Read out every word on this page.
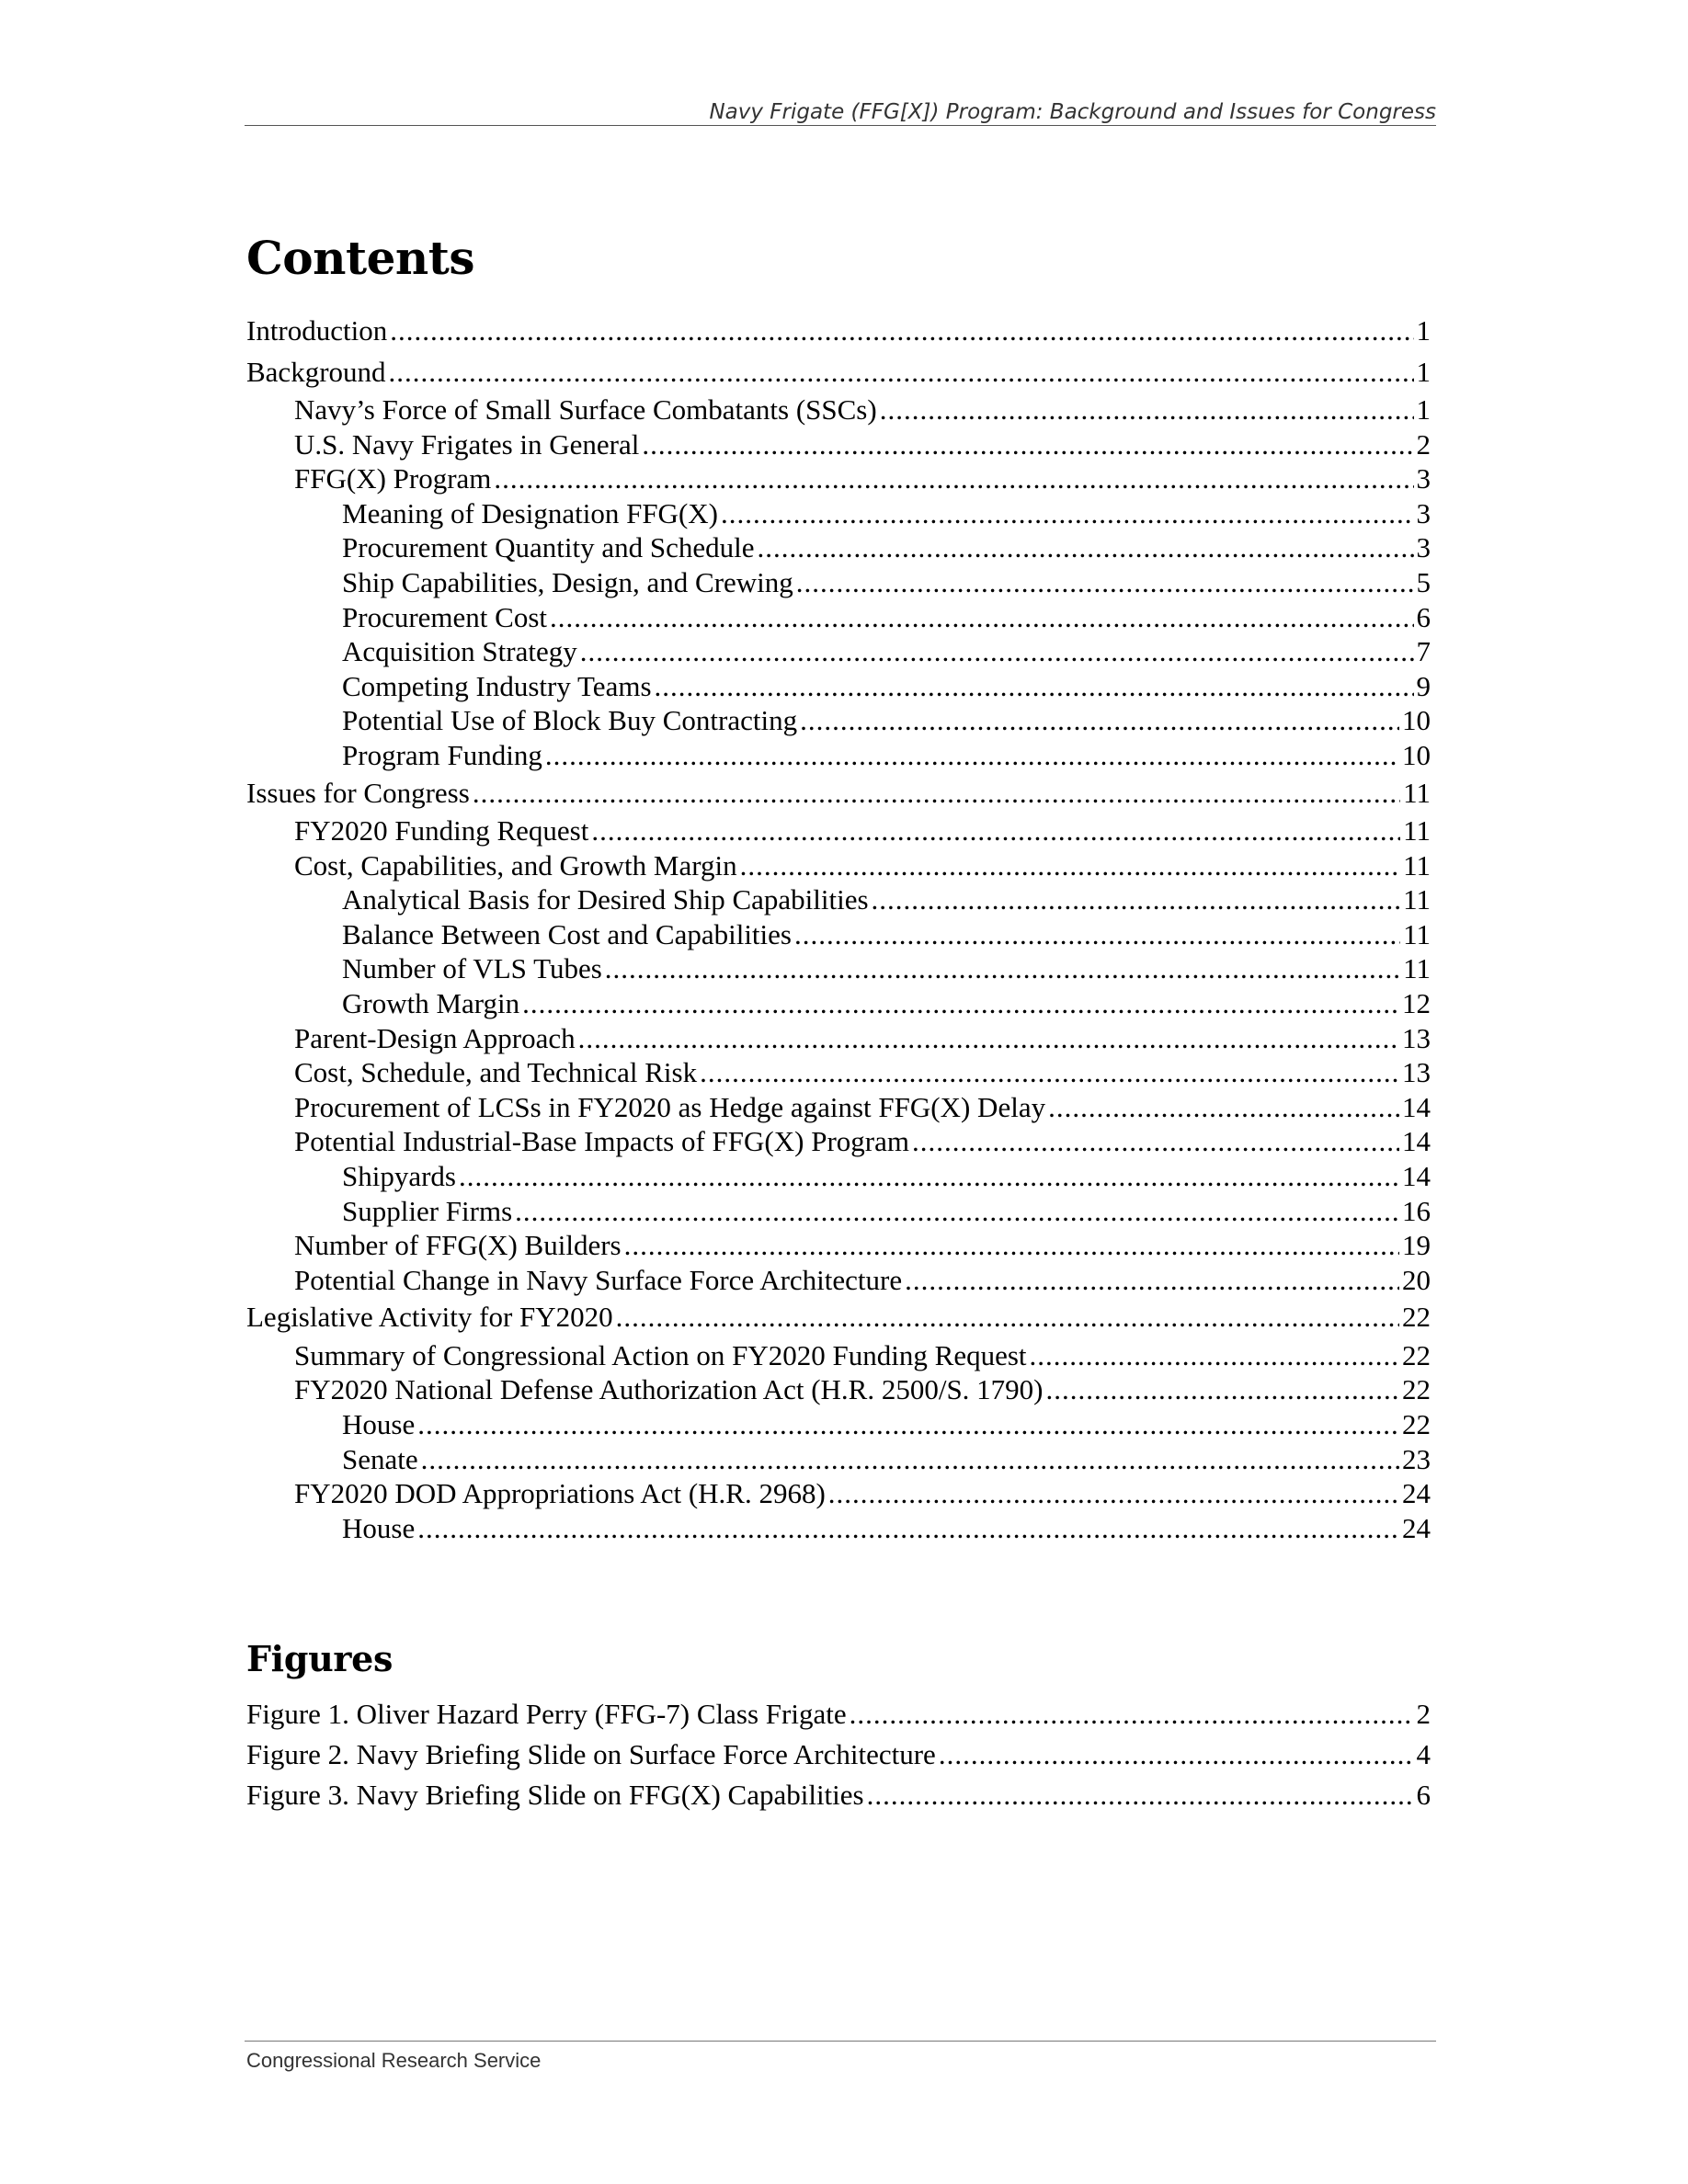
Navy Frigate (FFG[X]) Program: Background and Issues for Congress
Contents
Introduction .....	1
Background .....	1
Navy’s Force of Small Surface Combatants (SSCs) .....	1
U.S. Navy Frigates in General .....	2
FFG(X) Program .....	3
Meaning of Designation FFG(X) .....	3
Procurement Quantity and Schedule .....	3
Ship Capabilities, Design, and Crewing .....	5
Procurement Cost .....	6
Acquisition Strategy .....	7
Competing Industry Teams .....	9
Potential Use of Block Buy Contracting .....	10
Program Funding .....	10
Issues for Congress .....	11
FY2020 Funding Request .....	11
Cost, Capabilities, and Growth Margin .....	11
Analytical Basis for Desired Ship Capabilities .....	11
Balance Between Cost and Capabilities .....	11
Number of VLS Tubes .....	11
Growth Margin .....	12
Parent-Design Approach .....	13
Cost, Schedule, and Technical Risk .....	13
Procurement of LCSs in FY2020 as Hedge against FFG(X) Delay .....	14
Potential Industrial-Base Impacts of FFG(X) Program .....	14
Shipyards .....	14
Supplier Firms .....	16
Number of FFG(X) Builders .....	19
Potential Change in Navy Surface Force Architecture .....	20
Legislative Activity for FY2020 .....	22
Summary of Congressional Action on FY2020 Funding Request .....	22
FY2020 National Defense Authorization Act (H.R. 2500/S. 1790) .....	22
House .....	22
Senate .....	23
FY2020 DOD Appropriations Act (H.R. 2968) .....	24
House .....	24
Figures
Figure 1. Oliver Hazard Perry (FFG-7) Class Frigate .....	2
Figure 2. Navy Briefing Slide on Surface Force Architecture .....	4
Figure 3. Navy Briefing Slide on FFG(X) Capabilities .....	6
Congressional Research Service
